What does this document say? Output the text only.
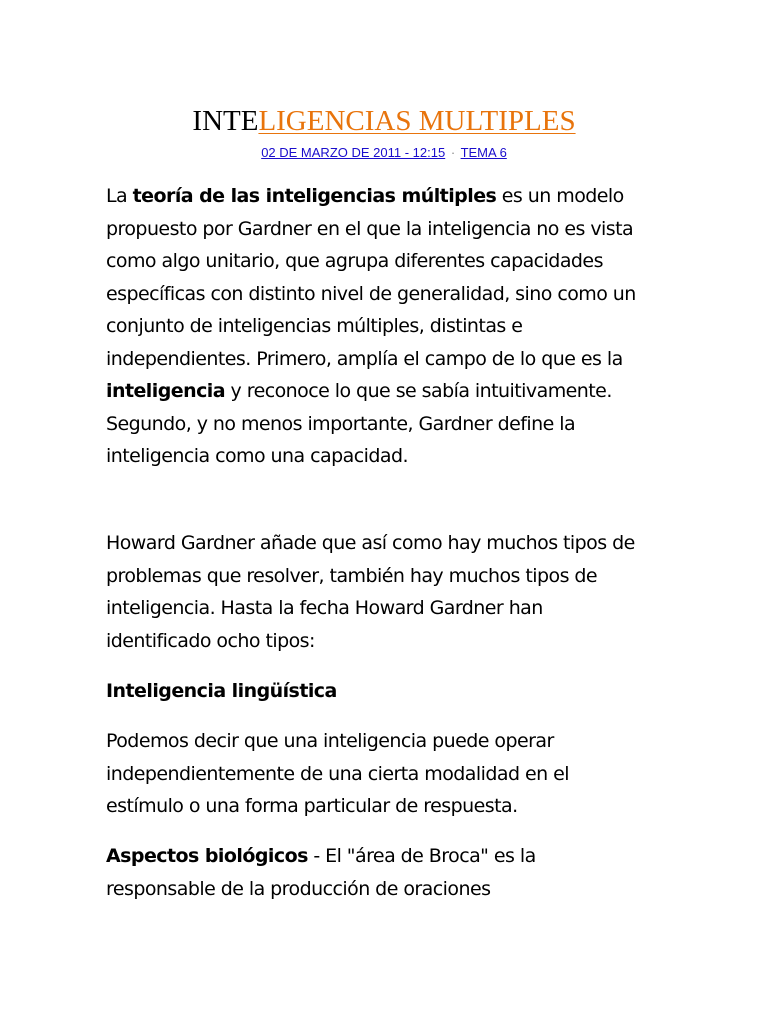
INTELIGENCIAS MULTIPLES
02 DE MARZO DE 2011 - 12:15 · TEMA 6

La teoría de las inteligencias múltiples es un modelo propuesto por Gardner en el que la inteligencia no es vista como algo unitario, que agrupa diferentes capacidades específicas con distinto nivel de generalidad, sino como un conjunto de inteligencias múltiples, distintas e independientes. Primero, amplía el campo de lo que es la inteligencia y reconoce lo que se sabía intuitivamente. Segundo, y no menos importante, Gardner define la inteligencia como una capacidad.

Howard Gardner añade que así como hay muchos tipos de problemas que resolver, también hay muchos tipos de inteligencia. Hasta la fecha Howard Gardner han identificado ocho tipos:

Inteligencia lingüística

Podemos decir que una inteligencia puede operar independientemente de una cierta modalidad en el estímulo o una forma particular de respuesta.

Aspectos biológicos - El "área de Broca" es la responsable de la producción de oraciones
